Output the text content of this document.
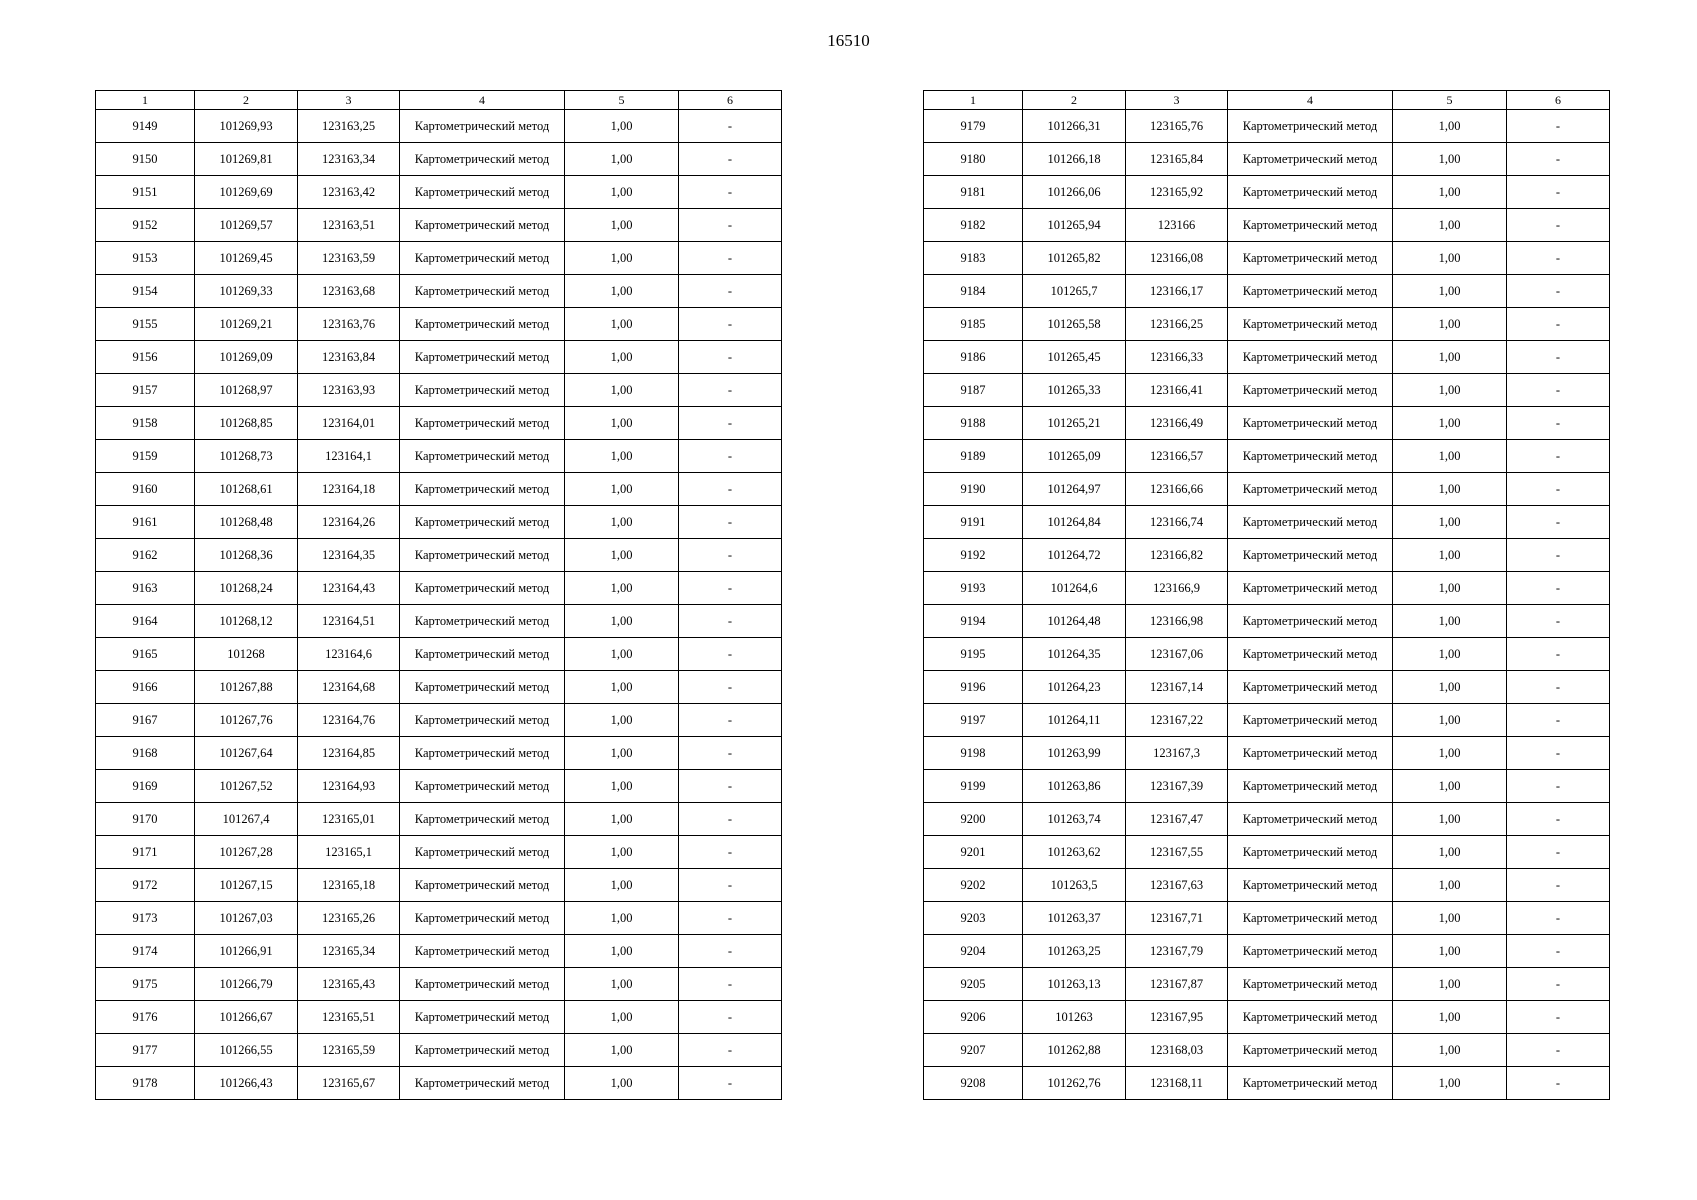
16510
1	2	3	4	5	6
9149	101269,93	123163,25	Картометрический метод	1,00	-
9150	101269,81	123163,34	Картометрический метод	1,00	-
9151	101269,69	123163,42	Картометрический метод	1,00	-
9152	101269,57	123163,51	Картометрический метод	1,00	-
9153	101269,45	123163,59	Картометрический метод	1,00	-
9154	101269,33	123163,68	Картометрический метод	1,00	-
9155	101269,21	123163,76	Картометрический метод	1,00	-
9156	101269,09	123163,84	Картометрический метод	1,00	-
9157	101268,97	123163,93	Картометрический метод	1,00	-
9158	101268,85	123164,01	Картометрический метод	1,00	-
9159	101268,73	123164,1	Картометрический метод	1,00	-
9160	101268,61	123164,18	Картометрический метод	1,00	-
9161	101268,48	123164,26	Картометрический метод	1,00	-
9162	101268,36	123164,35	Картометрический метод	1,00	-
9163	101268,24	123164,43	Картометрический метод	1,00	-
9164	101268,12	123164,51	Картометрический метод	1,00	-
9165	101268	123164,6	Картометрический метод	1,00	-
9166	101267,88	123164,68	Картометрический метод	1,00	-
9167	101267,76	123164,76	Картометрический метод	1,00	-
9168	101267,64	123164,85	Картометрический метод	1,00	-
9169	101267,52	123164,93	Картометрический метод	1,00	-
9170	101267,4	123165,01	Картометрический метод	1,00	-
9171	101267,28	123165,1	Картометрический метод	1,00	-
9172	101267,15	123165,18	Картометрический метод	1,00	-
9173	101267,03	123165,26	Картометрический метод	1,00	-
9174	101266,91	123165,34	Картометрический метод	1,00	-
9175	101266,79	123165,43	Картометрический метод	1,00	-
9176	101266,67	123165,51	Картометрический метод	1,00	-
9177	101266,55	123165,59	Картометрический метод	1,00	-
9178	101266,43	123165,67	Картометрический метод	1,00	-
1	2	3	4	5	6
9179	101266,31	123165,76	Картометрический метод	1,00	-
9180	101266,18	123165,84	Картометрический метод	1,00	-
9181	101266,06	123165,92	Картометрический метод	1,00	-
9182	101265,94	123166	Картометрический метод	1,00	-
9183	101265,82	123166,08	Картометрический метод	1,00	-
9184	101265,7	123166,17	Картометрический метод	1,00	-
9185	101265,58	123166,25	Картометрический метод	1,00	-
9186	101265,45	123166,33	Картометрический метод	1,00	-
9187	101265,33	123166,41	Картометрический метод	1,00	-
9188	101265,21	123166,49	Картометрический метод	1,00	-
9189	101265,09	123166,57	Картометрический метод	1,00	-
9190	101264,97	123166,66	Картометрический метод	1,00	-
9191	101264,84	123166,74	Картометрический метод	1,00	-
9192	101264,72	123166,82	Картометрический метод	1,00	-
9193	101264,6	123166,9	Картометрический метод	1,00	-
9194	101264,48	123166,98	Картометрический метод	1,00	-
9195	101264,35	123167,06	Картометрический метод	1,00	-
9196	101264,23	123167,14	Картометрический метод	1,00	-
9197	101264,11	123167,22	Картометрический метод	1,00	-
9198	101263,99	123167,3	Картометрический метод	1,00	-
9199	101263,86	123167,39	Картометрический метод	1,00	-
9200	101263,74	123167,47	Картометрический метод	1,00	-
9201	101263,62	123167,55	Картометрический метод	1,00	-
9202	101263,5	123167,63	Картометрический метод	1,00	-
9203	101263,37	123167,71	Картометрический метод	1,00	-
9204	101263,25	123167,79	Картометрический метод	1,00	-
9205	101263,13	123167,87	Картометрический метод	1,00	-
9206	101263	123167,95	Картометрический метод	1,00	-
9207	101262,88	123168,03	Картометрический метод	1,00	-
9208	101262,76	123168,11	Картометрический метод	1,00	-
